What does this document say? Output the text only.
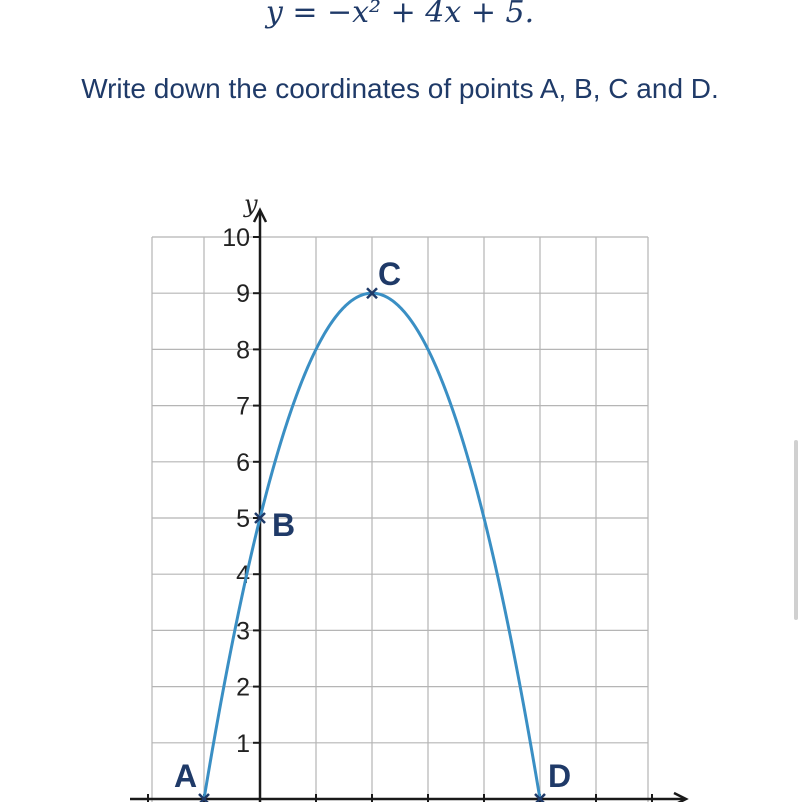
y = −x² + 4x + 5.
Write down the coordinates of points A, B, C and D.
y
1
2
3
4
5
6
7
8
9
10
A
B
C
D
